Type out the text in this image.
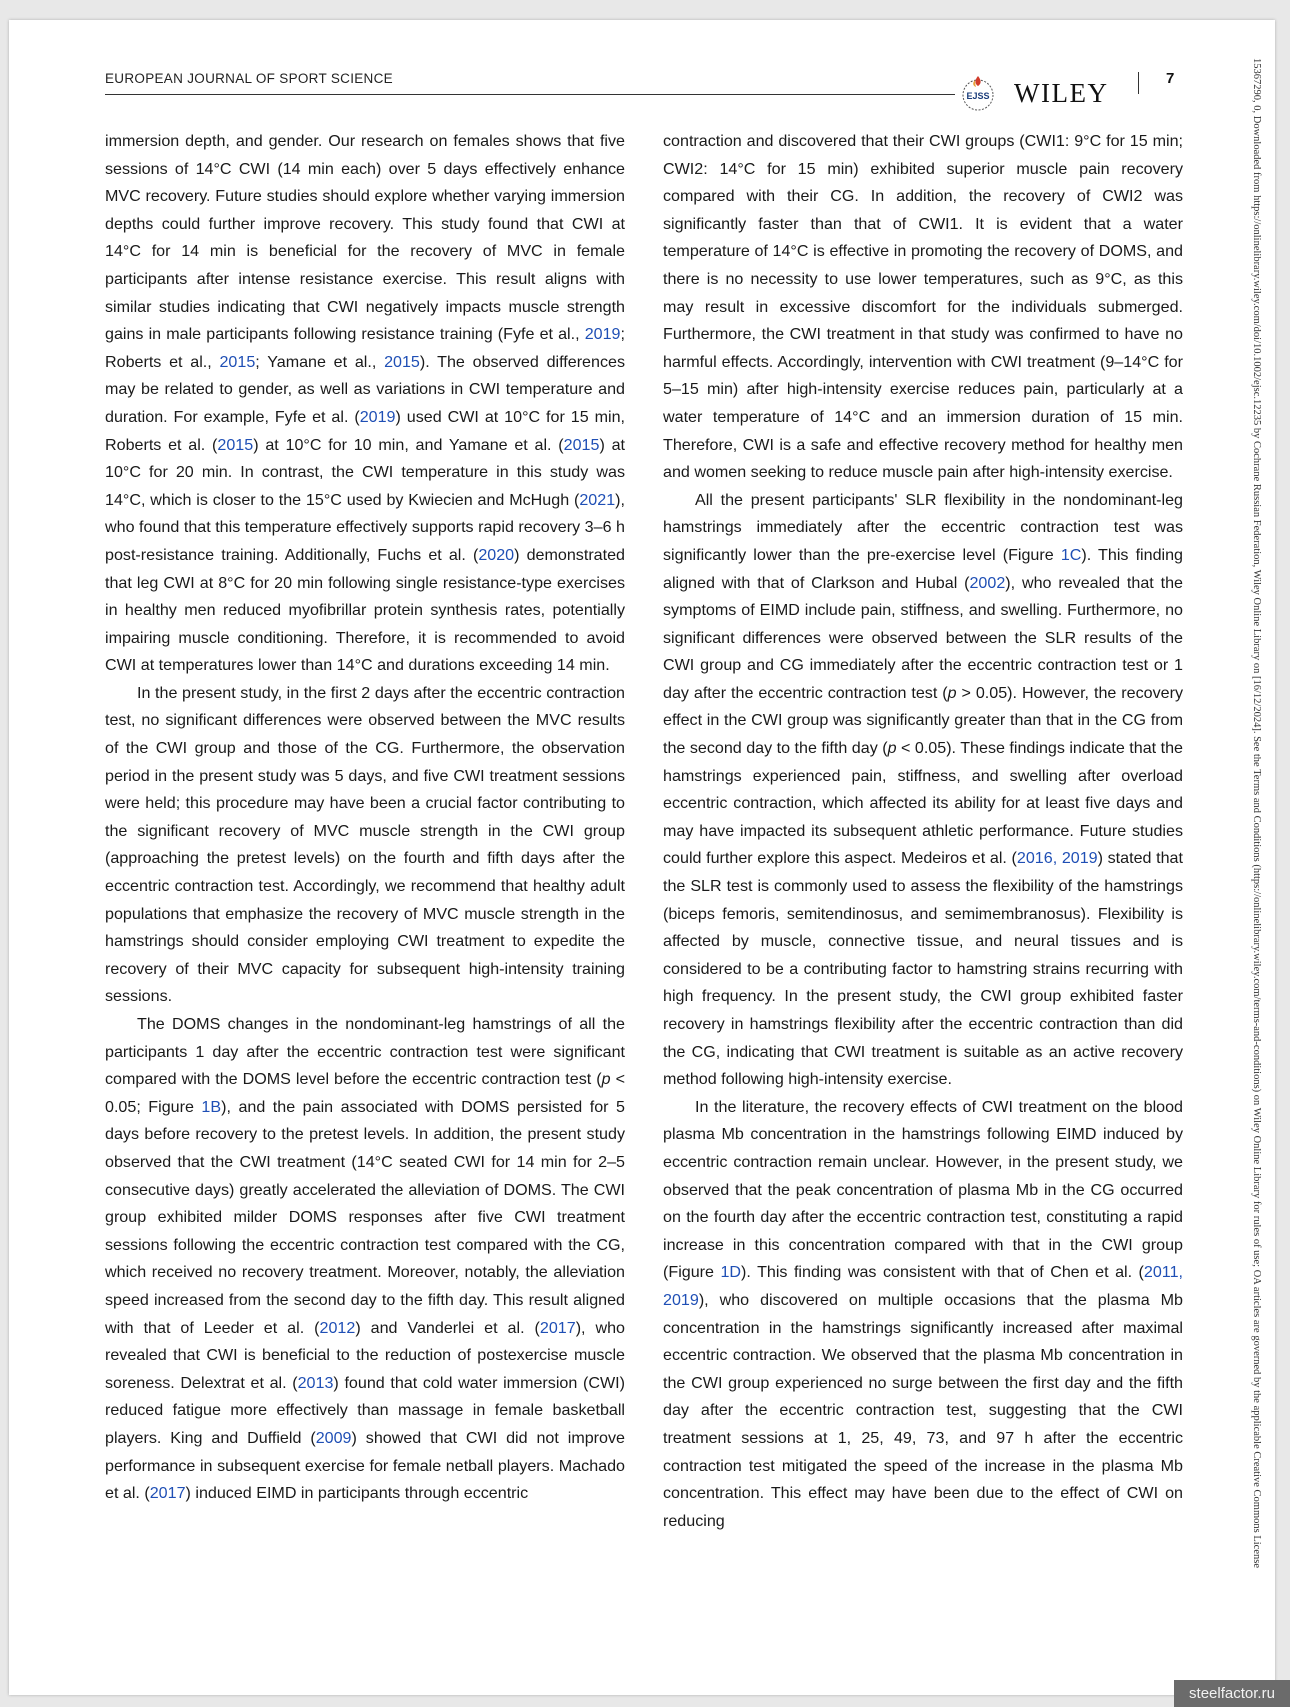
EUROPEAN JOURNAL OF SPORT SCIENCE
EJSS WILEY	7

immersion depth, and gender. Our research on females shows that five sessions of 14°C CWI (14 min each) over 5 days effectively enhance MVC recovery. Future studies should explore whether varying immersion depths could further improve recovery. This study found that CWI at 14°C for 14 min is beneficial for the recovery of MVC in female participants after intense resistance exercise. This result aligns with similar studies indicating that CWI negatively impacts muscle strength gains in male participants following resistance training (Fyfe et al., 2019; Roberts et al., 2015; Yamane et al., 2015). The observed differences may be related to gender, as well as variations in CWI temperature and duration. For example, Fyfe et al. (2019) used CWI at 10°C for 15 min, Roberts et al. (2015) at 10°C for 10 min, and Yamane et al. (2015) at 10°C for 20 min. In contrast, the CWI temperature in this study was 14°C, which is closer to the 15°C used by Kwiecien and McHugh (2021), who found that this temperature effectively supports rapid recovery 3–6 h post-resistance training. Additionally, Fuchs et al. (2020) demonstrated that leg CWI at 8°C for 20 min following single resistance-type exercises in healthy men reduced myofibrillar protein synthesis rates, potentially impairing muscle conditioning. Therefore, it is recommended to avoid CWI at temperatures lower than 14°C and durations exceeding 14 min.

In the present study, in the first 2 days after the eccentric contraction test, no significant differences were observed between the MVC results of the CWI group and those of the CG. Furthermore, the observation period in the present study was 5 days, and five CWI treatment sessions were held; this procedure may have been a crucial factor contributing to the significant recovery of MVC muscle strength in the CWI group (approaching the pretest levels) on the fourth and fifth days after the eccentric contraction test. Accordingly, we recommend that healthy adult populations that emphasize the recovery of MVC muscle strength in the hamstrings should consider employing CWI treatment to expedite the recovery of their MVC capacity for subsequent high-intensity training sessions.

The DOMS changes in the nondominant-leg hamstrings of all the participants 1 day after the eccentric contraction test were significant compared with the DOMS level before the eccentric contraction test (p < 0.05; Figure 1B), and the pain associated with DOMS persisted for 5 days before recovery to the pretest levels. In addition, the present study observed that the CWI treatment (14°C seated CWI for 14 min for 2–5 consecutive days) greatly accelerated the alleviation of DOMS. The CWI group exhibited milder DOMS responses after five CWI treatment sessions following the eccentric contraction test compared with the CG, which received no recovery treatment. Moreover, notably, the alleviation speed increased from the second day to the fifth day. This result aligned with that of Leeder et al. (2012) and Vanderlei et al. (2017), who revealed that CWI is beneficial to the reduction of postexercise muscle soreness. Delextrat et al. (2013) found that cold water immersion (CWI) reduced fatigue more effectively than massage in female basketball players. King and Duffield (2009) showed that CWI did not improve performance in subsequent exercise for female netball players. Machado et al. (2017) induced EIMD in participants through eccentric

contraction and discovered that their CWI groups (CWI1: 9°C for 15 min; CWI2: 14°C for 15 min) exhibited superior muscle pain recovery compared with their CG. In addition, the recovery of CWI2 was significantly faster than that of CWI1. It is evident that a water temperature of 14°C is effective in promoting the recovery of DOMS, and there is no necessity to use lower temperatures, such as 9°C, as this may result in excessive discomfort for the individuals submerged. Furthermore, the CWI treatment in that study was confirmed to have no harmful effects. Accordingly, intervention with CWI treatment (9–14°C for 5–15 min) after high-intensity exercise reduces pain, particularly at a water temperature of 14°C and an immersion duration of 15 min. Therefore, CWI is a safe and effective recovery method for healthy men and women seeking to reduce muscle pain after high-intensity exercise.

All the present participants' SLR flexibility in the nondominant-leg hamstrings immediately after the eccentric contraction test was significantly lower than the pre-exercise level (Figure 1C). This finding aligned with that of Clarkson and Hubal (2002), who revealed that the symptoms of EIMD include pain, stiffness, and swelling. Furthermore, no significant differences were observed between the SLR results of the CWI group and CG immediately after the eccentric contraction test or 1 day after the eccentric contraction test (p > 0.05). However, the recovery effect in the CWI group was significantly greater than that in the CG from the second day to the fifth day (p < 0.05). These findings indicate that the hamstrings experienced pain, stiffness, and swelling after overload eccentric contraction, which affected its ability for at least five days and may have impacted its subsequent athletic performance. Future studies could further explore this aspect. Medeiros et al. (2016, 2019) stated that the SLR test is commonly used to assess the flexibility of the hamstrings (biceps femoris, semitendinosus, and semimembranosus). Flexibility is affected by muscle, connective tissue, and neural tissues and is considered to be a contributing factor to hamstring strains recurring with high frequency. In the present study, the CWI group exhibited faster recovery in hamstrings flexibility after the eccentric contraction than did the CG, indicating that CWI treatment is suitable as an active recovery method following high-intensity exercise.

In the literature, the recovery effects of CWI treatment on the blood plasma Mb concentration in the hamstrings following EIMD induced by eccentric contraction remain unclear. However, in the present study, we observed that the peak concentration of plasma Mb in the CG occurred on the fourth day after the eccentric contraction test, constituting a rapid increase in this concentration compared with that in the CWI group (Figure 1D). This finding was consistent with that of Chen et al. (2011, 2019), who discovered on multiple occasions that the plasma Mb concentration in the hamstrings significantly increased after maximal eccentric contraction. We observed that the plasma Mb concentration in the CWI group experienced no surge between the first day and the fifth day after the eccentric contraction test, suggesting that the CWI treatment sessions at 1, 25, 49, 73, and 97 h after the eccentric contraction test mitigated the speed of the increase in the plasma Mb concentration. This effect may have been due to the effect of CWI on reducing	15367290, 0, Downloaded from https://onlinelibrary.wiley.com/doi/10.1002/ejsc.12235 by Cochrane Russian Federation, Wiley Online Library on [16/12/2024]. See the Terms and Conditions (https://onlinelibrary.wiley.com/terms-and-conditions) on Wiley Online Library for rules of use; OA articles are governed by the applicable Creative Commons License
steelfactor.ru
